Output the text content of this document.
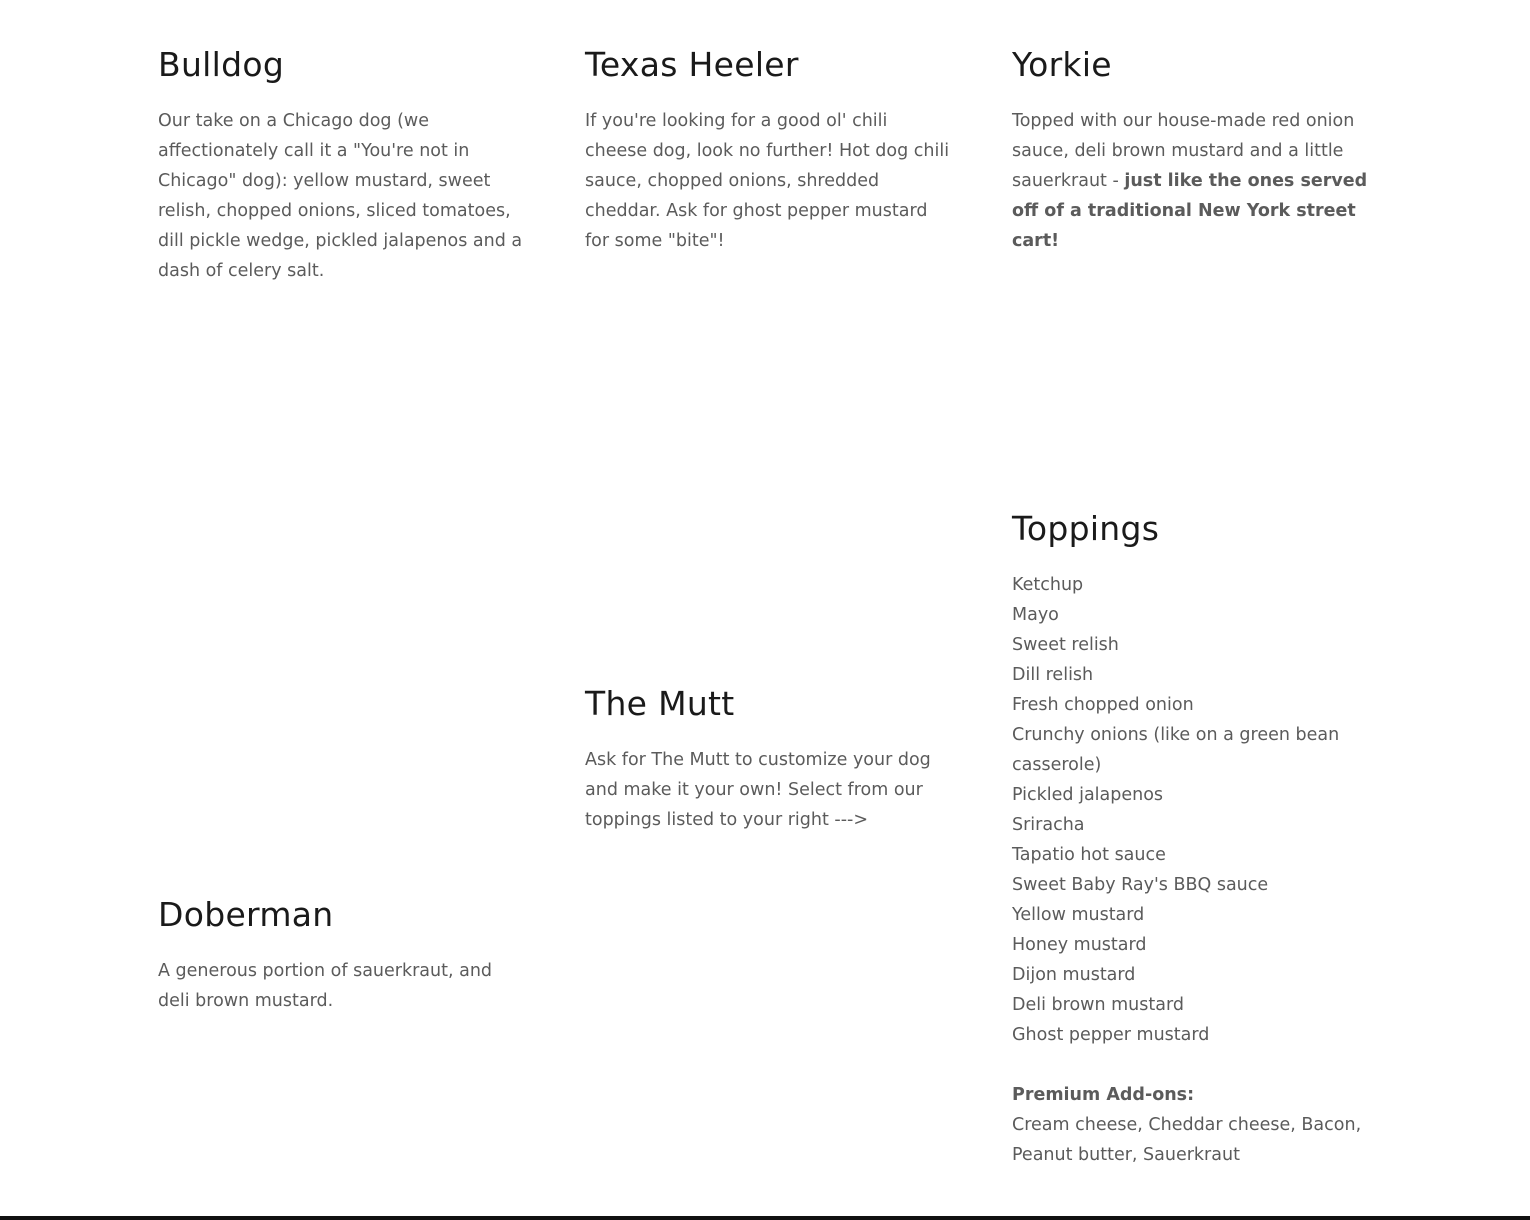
Bulldog

Our take on a Chicago dog (we affectionately call it a "You're not in Chicago" dog): yellow mustard, sweet relish, chopped onions, sliced tomatoes, dill pickle wedge, pickled jalapenos and a dash of celery salt.

Texas Heeler

If you're looking for a good ol' chili cheese dog, look no further! Hot dog chili sauce, chopped onions, shredded cheddar. Ask for ghost pepper mustard for some "bite"!

Yorkie

Topped with our house-made red onion sauce, deli brown mustard and a little sauerkraut - just like the ones served off of a traditional New York street cart!

The Mutt

Ask for The Mutt to customize your dog and make it your own! Select from our toppings listed to your right --->

Doberman

A generous portion of sauerkraut, and deli brown mustard.

Toppings
Ketchup
Mayo
Sweet relish
Dill relish
Fresh chopped onion
Crunchy onions (like on a green bean casserole)
Pickled jalapenos
Sriracha
Tapatio hot sauce
Sweet Baby Ray's BBQ sauce
Yellow mustard
Honey mustard
Dijon mustard
Deli brown mustard
Ghost pepper mustard
Premium Add-ons:
Cream cheese, Cheddar cheese, Bacon, Peanut butter, Sauerkraut
